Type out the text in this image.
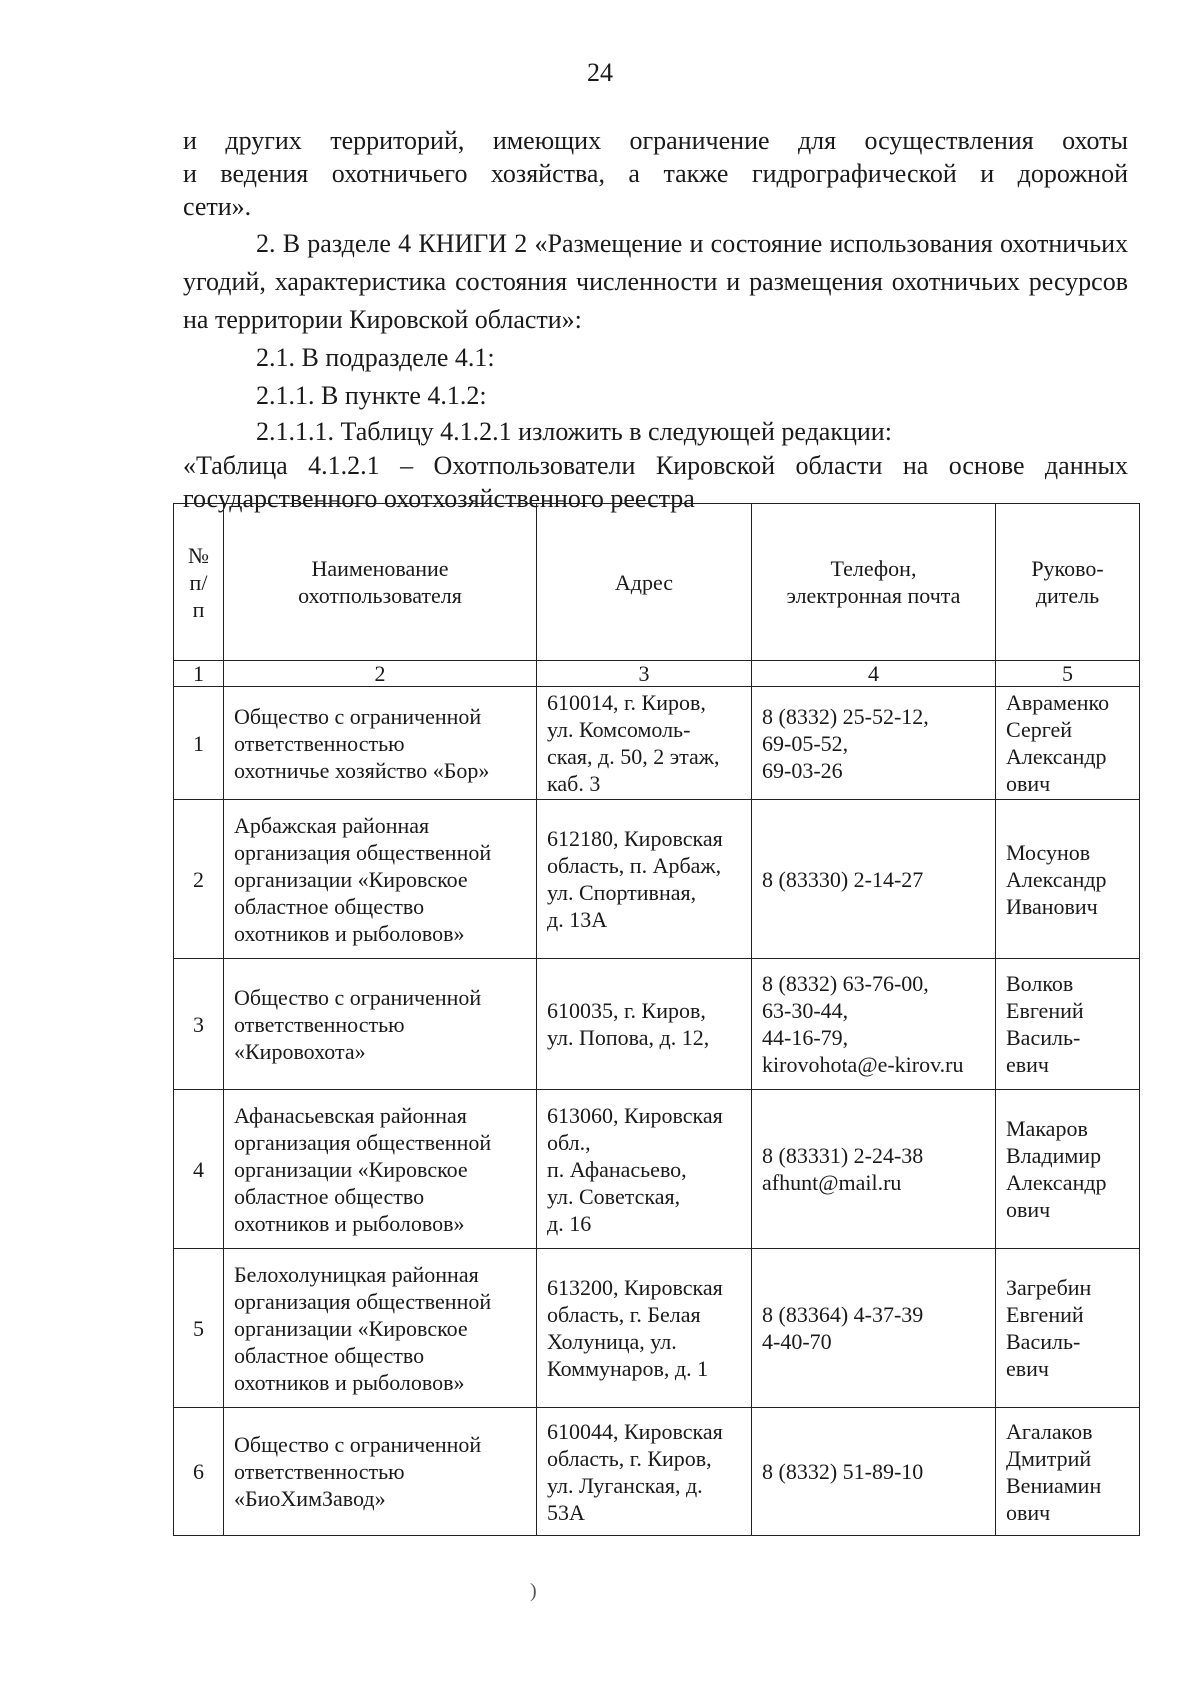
24

и других территорий, имеющих ограничение для осуществления охоты

и ведения охотничьего хозяйства, а также гидрографической и дорожной

сети».

2. В разделе 4 КНИГИ 2 «Размещение и состояние использования охотничьих угодий, характеристика состояния численности и размещения охотничьих ресурсов на территории Кировской области»:

2.1. В подразделе 4.1:

2.1.1. В пункте 4.1.2:

2.1.1.1. Таблицу 4.1.2.1 изложить в следующей редакции:

«Таблица 4.1.2.1 – Охотпользователи Кировской области на основе данных государственного охотхозяйственного реестра

№
п/
п	Наименование
охотпользователя	Адрес	Телефон,
электронная почта	Руково-
дитель

1	2	3	4	5
1	Общество с ограниченной
ответственностью
охотничье хозяйство «Бор»	610014, г. Киров,
ул. Комсомоль-
ская, д. 50, 2 этаж,
каб. 3	8 (8332) 25-52-12,
69-05-52,
69-03-26	Авраменко
Сергей
Александр
ович

2	Арбажская районная
организация общественной
организации «Кировское
областное общество
охотников и рыболовов»	612180, Кировская
область, п. Арбаж,
ул. Спортивная,
д. 13А	8 (83330) 2-14-27	Мосунов
Александр
Иванович

3	Общество с ограниченной
ответственностью
«Кировохота»	610035, г. Киров,
ул. Попова, д. 12,	8 (8332) 63-76-00,
63-30-44,
44-16-79,
kirovohota@e-kirov.ru	Волков
Евгений
Василь-
евич

4	Афанасьевская районная
организация общественной
организации «Кировское
областное общество
охотников и рыболовов»	613060, Кировская
обл.,
п. Афанасьево,
ул. Советская,
д. 16	8 (83331) 2-24-38
afhunt@mail.ru	Макаров
Владимир
Александр
ович

5	Белохолуницкая районная
организация общественной
организации «Кировское
областное общество
охотников и рыболовов»	613200, Кировская
область, г. Белая
Холуница, ул.
Коммунаров, д. 1	8 (83364) 4-37-39
4-40-70	Загребин
Евгений
Василь-
евич

6	Общество с ограниченной
ответственностью
«БиоХимЗавод»	610044, Кировская
область, г. Киров,
ул. Луганская, д.
53А	8 (8332) 51-89-10	Агалаков
Дмитрий
Вениамин
ович
)
